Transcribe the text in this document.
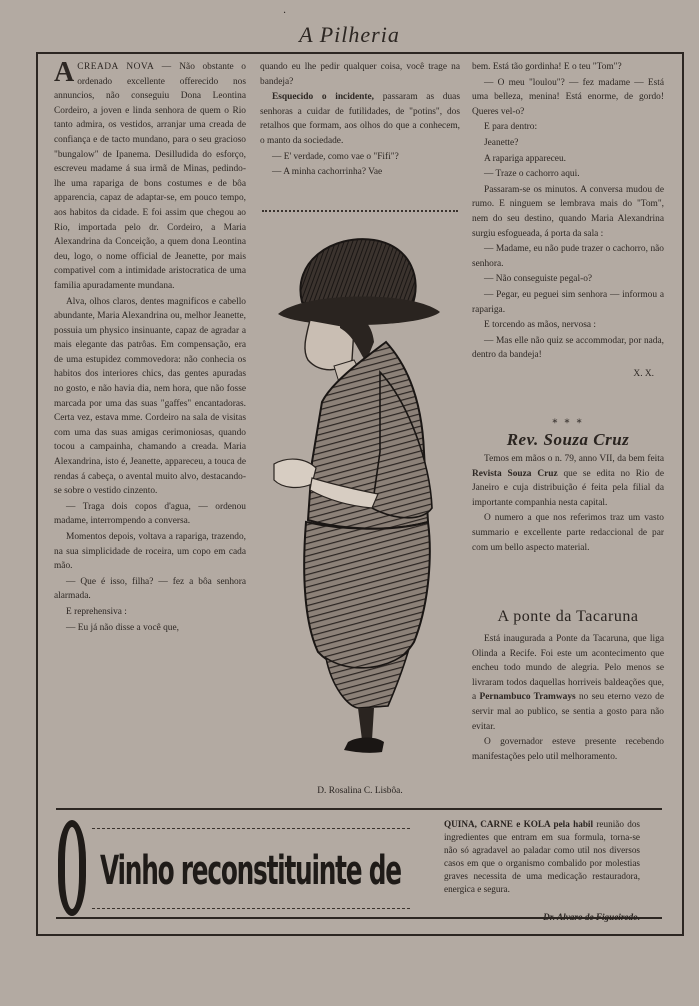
·
A Pilheria

A CREADA NOVA — Não obstante o ordenado excellente offerecido nos annuncios, não conseguiu Dona Leontina Cordeiro, a joven e linda senhora de quem o Rio tanto admira, os vestidos, arranjar uma creada de confiança e de tacto mundano, para o seu gracioso "bungalow" de Ipanema. Desilludida do esforço, escreveu madame á sua irmã de Minas, pedindo-lhe uma rapariga de bons costumes e de bôa apparencia, capaz de adaptar-se, em pouco tempo, aos habitos da cidade. E foi assim que chegou ao Rio, importada pelo dr. Cordeiro, a Maria Alexandrina da Conceição, a quem dona Leontina deu, logo, o nome official de Jeanette, por mais compativel com a intimidade aristocratica de uma familia apuradamente mundana.

Alva, olhos claros, dentes magnificos e cabello abundante, Maria Alexandrina ou, melhor Jeanette, possuia um physico insinuante, capaz de agradar a mais elegante das patrôas. Em compensação, era de uma estupidez commovedora: não conhecia os habitos dos interiores chics, das gentes apuradas no gosto, e não havia dia, nem hora, que não fosse marcada por uma das suas "gaffes" encantadoras. Certa vez, estava mme. Cordeiro na sala de visitas com uma das suas amigas cerimoniosas, quando tocou a campainha, chamando a creada. Maria Alexandrina, isto é, Jeanette, appareceu, a touca de rendas á cabeça, o avental muito alvo, destacando-se sobre o vestido cinzento.

— Traga dois copos d'agua, — ordenou madame, interrompendo a conversa.

Momentos depois, voltava a rapariga, trazendo, na sua simplicidade de roceira, um copo em cada mão.

— Que é isso, filha? — fez a bôa senhora alarmada.

E reprehensiva :

— Eu já não disse a você que,

quando eu lhe pedir qualquer coisa, você trage na bandeja?

Esquecido o incidente, passaram as duas senhoras a cuidar de futilidades, de "potins", dos retalhos que formam, aos olhos do que a conhecem, o manto da sociedade.

— E' verdade, como vae o "Fifi"?

— A minha cachorrinha? Vae

D. Rosalina C. Lisbôa.

bem. Está tão gordinha! E o teu "Tom"?

— O meu "loulou"? — fez madame — Está uma belleza, menina! Está enorme, de gordo! Queres vel-o?

E para dentro:

Jeanette?

A rapariga appareceu.

— Traze o cachorro aqui.

Passaram-se os minutos. A conversa mudou de rumo. E ninguem se lembrava mais do "Tom", nem do seu destino, quando Maria Alexandrina surgiu esfogueada, á porta da sala :

— Madame, eu não pude trazer o cachorro, não senhora.

— Não conseguiste pegal-o?

— Pegar, eu peguei sim senhora — informou a rapariga.

E torcendo as mãos, nervosa :

— Mas elle não quiz se accommodar, por nada, dentro da bandeja!

X. X.

* * *
Rev. Souza Cruz

Temos em mãos o n. 79, anno VII, da bem feita Revista Souza Cruz que se edita no Rio de Janeiro e cuja distribuição é feita pela filial da importante companhia nesta capital.

O numero a que nos referimos traz um vasto summario e excellente parte redaccional de par com um bello aspecto material.

A ponte da Tacaruna

Está inaugurada a Ponte da Tacaruna, que liga Olinda a Recife. Foi este um acontecimento que encheu todo mundo de alegria. Pelo menos se livraram todos daquellas horriveis baldeações que, a Pernambuco Tramways no seu eterno vezo de servir mal ao publico, se sentia a gosto para não evitar.

O governador esteve presente recebendo manifestações pelo util melhoramento.

Vinho reconstituinte de
QUINA, CARNE e KOLA pela habil reunião dos ingredientes que entram em sua formula, torna-se não só agradavel ao paladar como util nos diversos casos em que o organismo combalido por molestias graves necessita de uma medicação restauradora, energica e segura.
Dr. Alvaro de Figueiredo.
